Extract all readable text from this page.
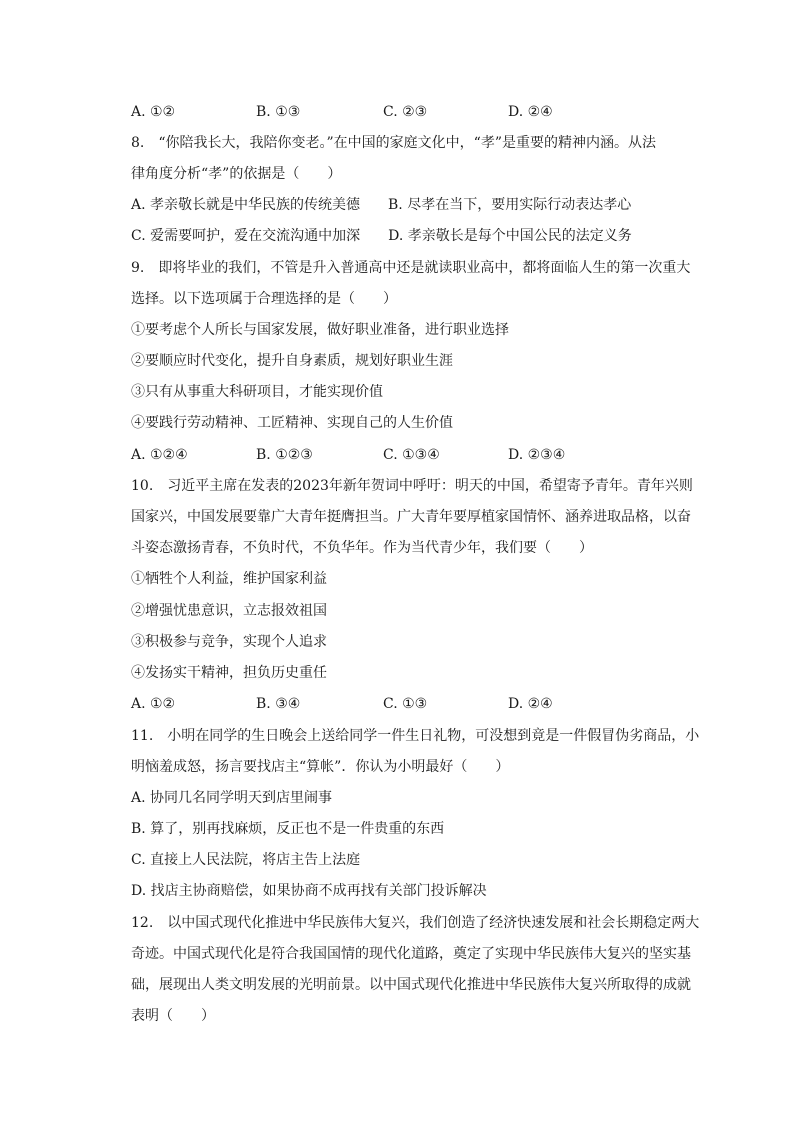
A. ①②	B. ①③	C. ②③	D. ②④
8.　“你陪我长大，我陪你变老。”在中国的家庭文化中，“孝”是重要的精神内涵。从法
律角度分析“孝”的依据是（　　）
A. 孝亲敬长就是中华民族的传统美德　　B. 尽孝在当下，要用实际行动表达孝心
C. 爱需要呵护，爱在交流沟通中加深　　D. 孝亲敬长是每个中国公民的法定义务
9.　即将毕业的我们，不管是升入普通高中还是就读职业高中，都将面临人生的第一次重大
选择。以下选项属于合理选择的是（　　）
①要考虑个人所长与国家发展，做好职业准备，进行职业选择
②要顺应时代变化，提升自身素质，规划好职业生涯
③只有从事重大科研项目，才能实现价值
④要践行劳动精神、工匠精神、实现自己的人生价值
A. ①②④	B. ①②③	C. ①③④	D. ②③④
10.　习近平主席在发表的2023年新年贺词中呼吁：明天的中国，希望寄予青年。青年兴则
国家兴，中国发展要靠广大青年挺膺担当。广大青年要厚植家国情怀、涵养进取品格，以奋
斗姿态激扬青春，不负时代，不负华年。作为当代青少年，我们要（　　）
①牺牲个人利益，维护国家利益
②增强忧患意识，立志报效祖国
③积极参与竞争，实现个人追求
④发扬实干精神，担负历史重任
A. ①②	B. ③④	C. ①③	D. ②④
11.　小明在同学的生日晚会上送给同学一件生日礼物，可没想到竟是一件假冒伪劣商品，小
明恼羞成怒，扬言要找店主“算帐”．你认为小明最好（　　）
A. 协同几名同学明天到店里闹事
B. 算了，别再找麻烦，反正也不是一件贵重的东西
C. 直接上人民法院，将店主告上法庭
D. 找店主协商赔偿，如果协商不成再找有关部门投诉解决
12.　以中国式现代化推进中华民族伟大复兴，我们创造了经济快速发展和社会长期稳定两大
奇迹。中国式现代化是符合我国国情的现代化道路，奠定了实现中华民族伟大复兴的坚实基
础，展现出人类文明发展的光明前景。以中国式现代化推进中华民族伟大复兴所取得的成就
表明（　　）
